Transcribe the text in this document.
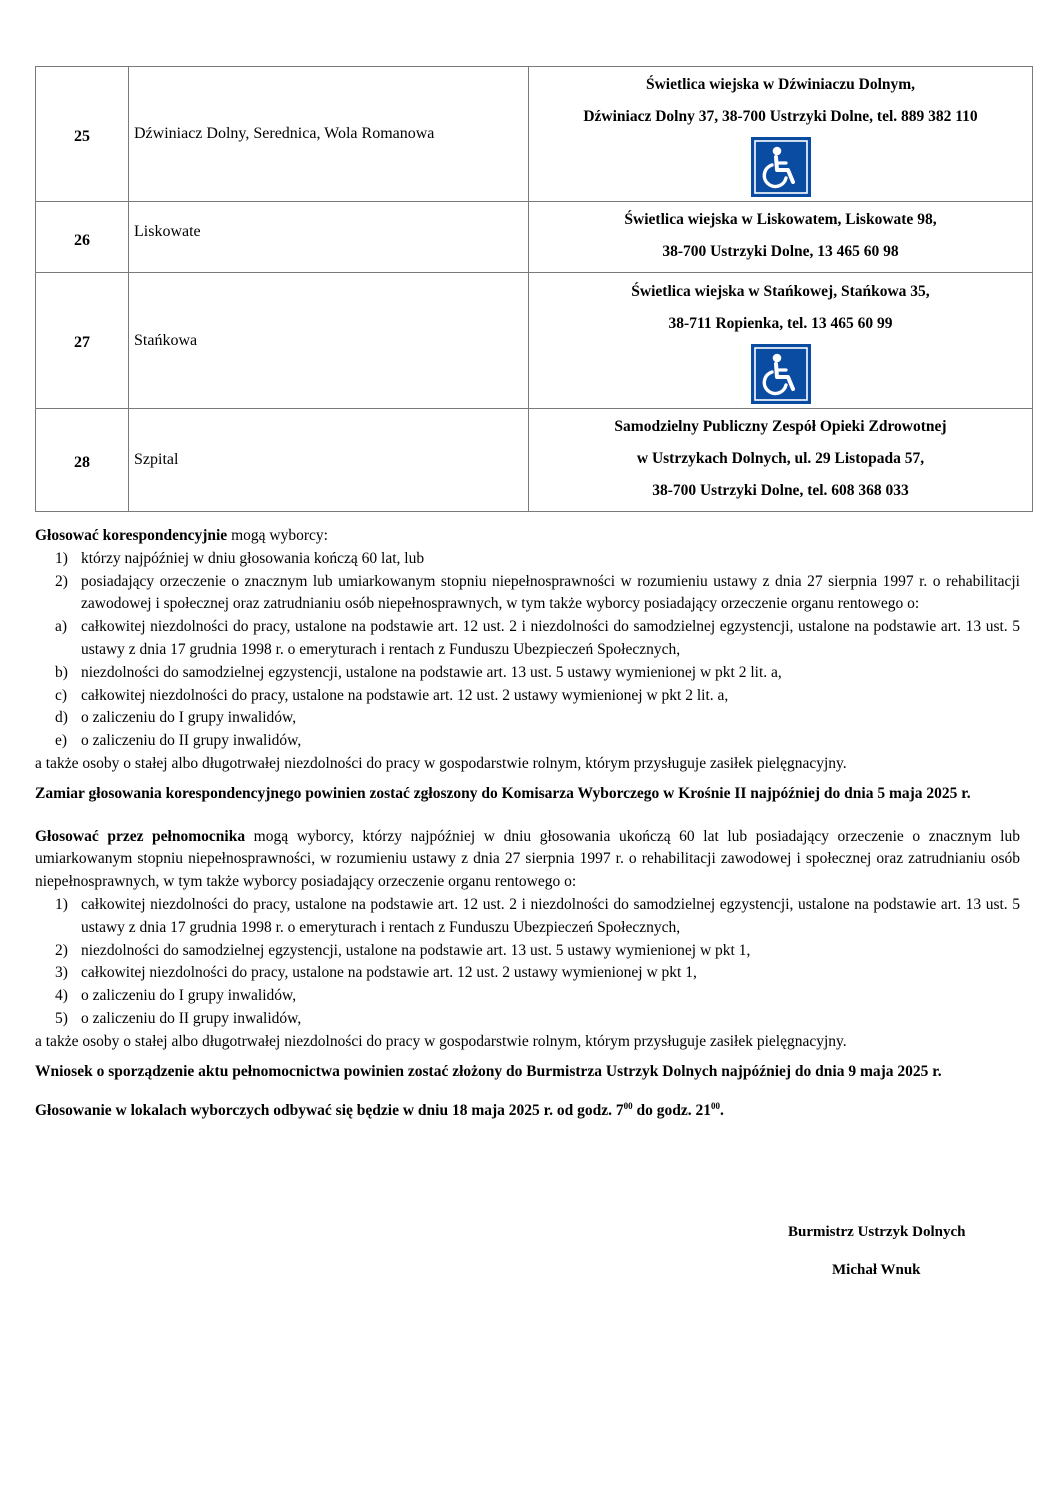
25	Dźwiniacz Dolny, Serednica, Wola Romanowa	Świetlica wiejska w Dźwiniaczu Dolnym,
Dźwiniacz Dolny 37, 38-700 Ustrzyki Dolne, tel. 889 382 110

26	Liskowate	Świetlica wiejska w Liskowatem, Liskowate 98,
38-700 Ustrzyki Dolne, 13 465 60 98

27	Stańkowa	Świetlica wiejska w Stańkowej, Stańkowa 35,
38-711 Ropienka, tel. 13 465 60 99

28	Szpital	Samodzielny Publiczny Zespół Opieki Zdrowotnej
w Ustrzykach Dolnych, ul. 29 Listopada 57,
38-700 Ustrzyki Dolne, tel. 608 368 033

Głosować korespondencyjnie mogą wyborcy:

1) którzy najpóźniej w dniu głosowania kończą 60 lat, lub
2) posiadający orzeczenie o znacznym lub umiarkowanym stopniu niepełnosprawności w rozumieniu ustawy z dnia 27 sierpnia 1997 r. o rehabilitacji zawodowej i społecznej oraz zatrudnianiu osób niepełnosprawnych, w tym także wyborcy posiadający orzeczenie organu rentowego o:
a) całkowitej niezdolności do pracy, ustalone na podstawie art. 12 ust. 2 i niezdolności do samodzielnej egzystencji, ustalone na podstawie art. 13 ust. 5 ustawy z dnia 17 grudnia 1998 r. o emeryturach i rentach z Funduszu Ubezpieczeń Społecznych,
b) niezdolności do samodzielnej egzystencji, ustalone na podstawie art. 13 ust. 5 ustawy wymienionej w pkt 2 lit. a,
c) całkowitej niezdolności do pracy, ustalone na podstawie art. 12 ust. 2 ustawy wymienionej w pkt 2 lit. a,
d) o zaliczeniu do I grupy inwalidów,
e) o zaliczeniu do II grupy inwalidów,

a także osoby o stałej albo długotrwałej niezdolności do pracy w gospodarstwie rolnym, którym przysługuje zasiłek pielęgnacyjny.

Zamiar głosowania korespondencyjnego powinien zostać zgłoszony do Komisarza Wyborczego w Krośnie II najpóźniej do dnia 5 maja 2025 r.

Głosować przez pełnomocnika mogą wyborcy, którzy najpóźniej w dniu głosowania ukończą 60 lat lub posiadający orzeczenie o znacznym lub umiarkowanym stopniu niepełnosprawności, w rozumieniu ustawy z dnia 27 sierpnia 1997 r. o rehabilitacji zawodowej i społecznej oraz zatrudnianiu osób niepełnosprawnych, w tym także wyborcy posiadający orzeczenie organu rentowego o:

1) całkowitej niezdolności do pracy, ustalone na podstawie art. 12 ust. 2 i niezdolności do samodzielnej egzystencji, ustalone na podstawie art. 13 ust. 5 ustawy z dnia 17 grudnia 1998 r. o emeryturach i rentach z Funduszu Ubezpieczeń Społecznych,
2) niezdolności do samodzielnej egzystencji, ustalone na podstawie art. 13 ust. 5 ustawy wymienionej w pkt 1,
3) całkowitej niezdolności do pracy, ustalone na podstawie art. 12 ust. 2 ustawy wymienionej w pkt 1,
4) o zaliczeniu do I grupy inwalidów,
5) o zaliczeniu do II grupy inwalidów,

a także osoby o stałej albo długotrwałej niezdolności do pracy w gospodarstwie rolnym, którym przysługuje zasiłek pielęgnacyjny.

Wniosek o sporządzenie aktu pełnomocnictwa powinien zostać złożony do Burmistrza Ustrzyk Dolnych najpóźniej do dnia 9 maja 2025 r.

Głosowanie w lokalach wyborczych odbywać się będzie w dniu 18 maja 2025 r. od godz. $7^{00}$ do godz. $21^{00}$.

Burmistrz Ustrzyk Dolnych
Michał Wnuk
